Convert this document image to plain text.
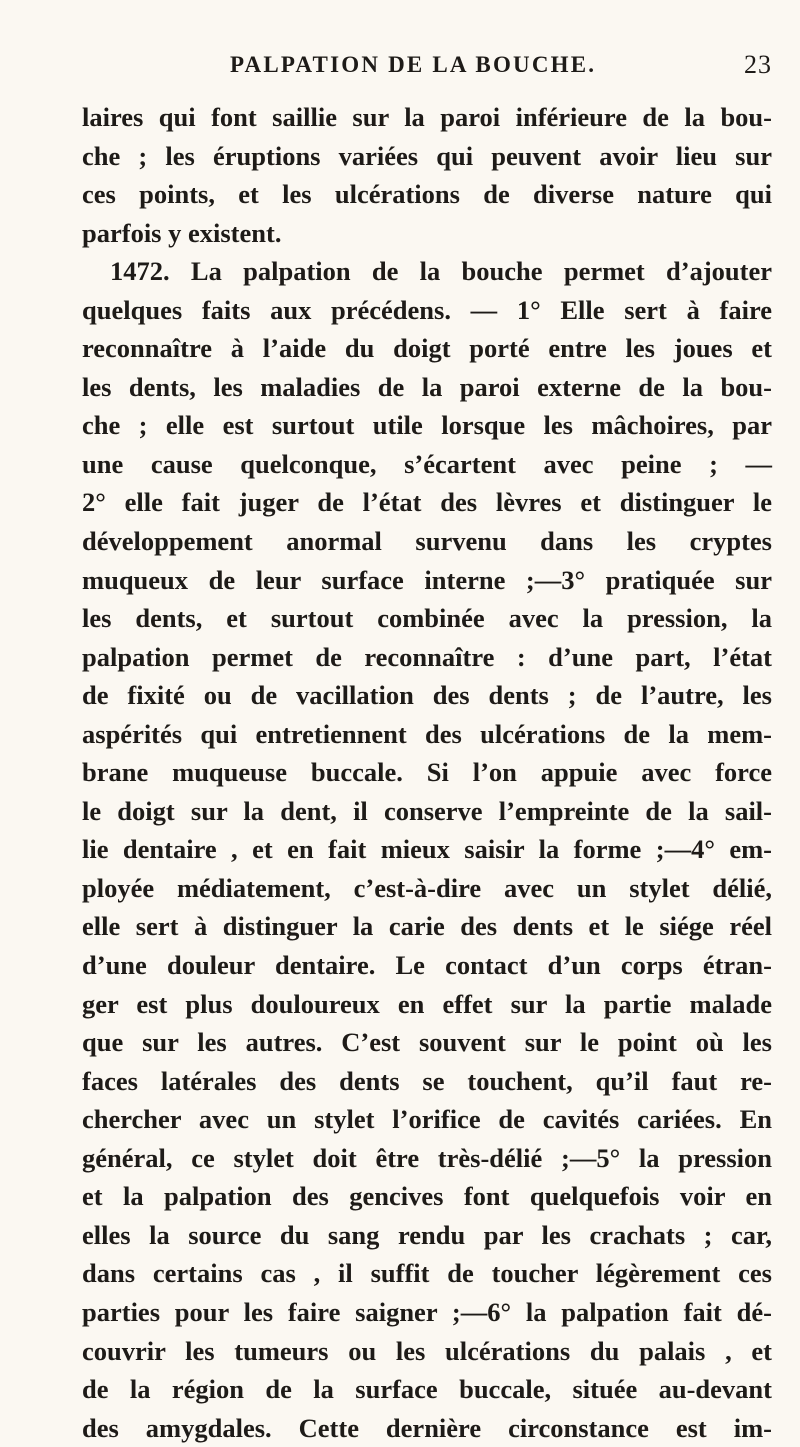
PALPATION DE LA BOUCHE.	23
laires qui font saillie sur la paroi inférieure de la bou-
che ; les éruptions variées qui peuvent avoir lieu sur
ces points, et les ulcérations de diverse nature qui
parfois y existent.
1472. La palpation de la bouche permet d’ajouter
quelques faits aux précédens. — 1° Elle sert à faire
reconnaître à l’aide du doigt porté entre les joues et
les dents, les maladies de la paroi externe de la bou-
che ; elle est surtout utile lorsque les mâchoires, par
une cause quelconque, s’écartent avec peine ; —
2° elle fait juger de l’état des lèvres et distinguer le
développement anormal survenu dans les cryptes
muqueux de leur surface interne ;—3° pratiquée sur
les dents, et surtout combinée avec la pression, la
palpation permet de reconnaître : d’une part, l’état
de fixité ou de vacillation des dents ; de l’autre, les
aspérités qui entretiennent des ulcérations de la mem-
brane muqueuse buccale. Si l’on appuie avec force
le doigt sur la dent, il conserve l’empreinte de la sail-
lie dentaire , et en fait mieux saisir la forme ;—4° em-
ployée médiatement, c’est-à-dire avec un stylet délié,
elle sert à distinguer la carie des dents et le siége réel
d’une douleur dentaire. Le contact d’un corps étran-
ger est plus douloureux en effet sur la partie malade
que sur les autres. C’est souvent sur le point où les
faces latérales des dents se touchent, qu’il faut re-
chercher avec un stylet l’orifice de cavités cariées. En
général, ce stylet doit être très-délié ;—5° la pression
et la palpation des gencives font quelquefois voir en
elles la source du sang rendu par les crachats ; car,
dans certains cas , il suffit de toucher légèrement ces
parties pour les faire saigner ;—6° la palpation fait dé-
couvrir les tumeurs ou les ulcérations du palais , et
de la région de la surface buccale, située au-devant
des amygdales. Cette dernière circonstance est im-
